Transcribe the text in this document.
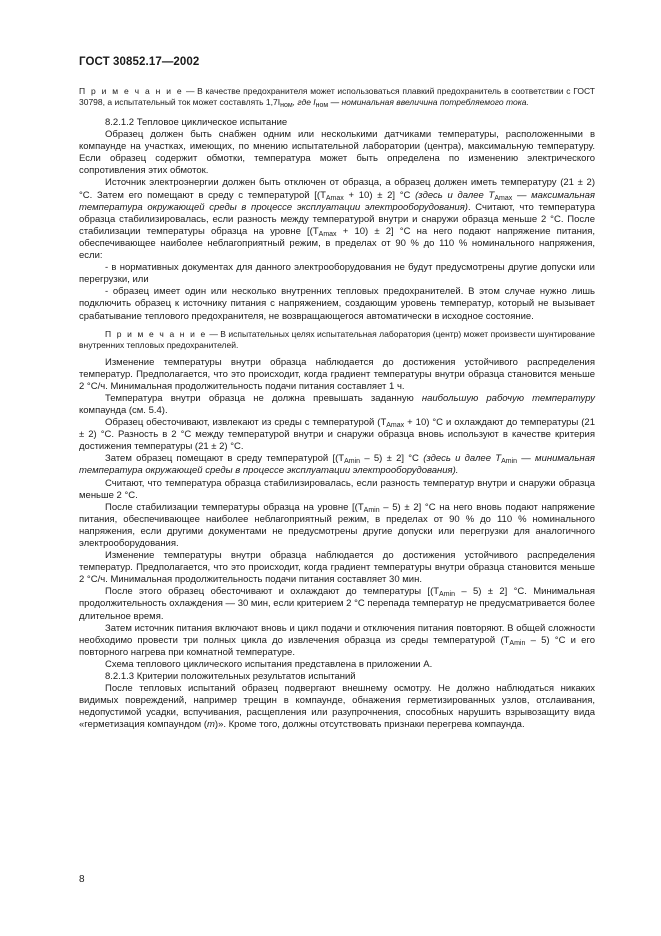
ГОСТ 30852.17—2002

П р и м е ч а н и е — В качестве предохранителя может использоваться плавкий предохранитель в соответствии с ГОСТ 30798, а испытательный ток может составлять $1,7I_{ном}$, где $I_{ном}$ — номинальная ввеличина потребляемого тока.

8.2.1.2 Тепловое циклическое испытание

Образец должен быть снабжен одним или несколькими датчиками температуры, расположенными в компаунде на участках, имеющих, по мнению испытательной лаборатории (центра), максимальную температуру. Если образец содержит обмотки, температура может быть определена по изменению электрического сопротивления этих обмоток.

Источник электроэнергии должен быть отключен от образца, а образец должен иметь температуру (21 ± 2) °С. Затем его помещают в среду с температурой $[(T_{Amax} + 10) \pm 2]$ °С (здесь и далее $T_{Amax}$ — максимальная температура окружающей среды в процессе эксплуатации электрооборудования). Считают, что температура образца стабилизировалась, если разность между температурой внутри и снаружи образца меньше 2 °С. После стабилизации температуры образца на уровне $[(T_{Amax} + 10) \pm 2]$ °С на него подают напряжение питания, обеспечивающее наиболее неблагоприятный режим, в пределах от 90 % до 110 % номинального напряжения, если:

- в нормативных документах для данного электрооборудования не будут предусмотрены другие допуски или перегрузки, или

- образец имеет один или несколько внутренних тепловых предохранителей. В этом случае нужно лишь подключить образец к источнику питания с напряжением, создающим уровень температур, который не вызывает срабатывание теплового предохранителя, не возвращающегося автоматически в исходное состояние.

П р и м е ч а н и е — В испытательных целях испытательная лаборатория (центр) может произвести шунтирование внутренних тепловых предохранителей.

Изменение температуры внутри образца наблюдается до достижения устойчивого распределения температур. Предполагается, что это происходит, когда градиент температуры внутри образца становится меньше 2 °С/ч. Минимальная продолжительность подачи питания составляет 1 ч.

Температура внутри образца не должна превышать заданную наибольшую рабочую температуру компаунда (см. 5.4).

Образец обесточивают, извлекают из среды с температурой $(T_{Amax} + 10)$ °С и охлаждают до температуры (21 ± 2) °С. Разность в 2 °С между температурой внутри и снаружи образца вновь используют в качестве критерия достижения температуры (21 ± 2) °С.

Затем образец помещают в среду температурой $[(T_{Amin} - 5) \pm 2]$ °С (здесь и далее $T_{Amin}$ — минимальная температура окружающей среды в процессе эксплуатации электрооборудования).

Считают, что температура образца стабилизировалась, если разность температур внутри и снаружи образца меньше 2 °С.

После стабилизации температуры образца на уровне $[(T_{Amin} - 5) \pm 2]$ °С на него вновь подают напряжение питания, обеспечивающее наиболее неблагоприятный режим, в пределах от 90 % до 110 % номинального напряжения, если другими документами не предусмотрены другие допуски или перегрузки для аналогичного электрооборудования.

Изменение температуры внутри образца наблюдается до достижения устойчивого распределения температур. Предполагается, что это происходит, когда градиент температуры внутри образца становится меньше 2 °С/ч. Минимальная продолжительность подачи питания составляет 30 мин.

После этого образец обесточивают и охлаждают до температуры $[(T_{Amin} - 5) \pm 2]$ °С. Минимальная продолжительность охлаждения — 30 мин, если критерием 2 °С перепада температур не предусматривается более длительное время.

Затем источник питания включают вновь и цикл подачи и отключения питания повторяют. В общей сложности необходимо провести три полных цикла до извлечения образца из среды температурой $(T_{Amin} - 5)$ °С и его повторного нагрева при комнатной температуре.

Схема теплового циклического испытания представлена в приложении А.

8.2.1.3 Критерии положительных результатов испытаний

После тепловых испытаний образец подвергают внешнему осмотру. Не должно наблюдаться никаких видимых повреждений, например трещин в компаунде, обнажения герметизированных узлов, отслаивания, недопустимой усадки, вспучивания, расщепления или разупрочнения, способных нарушить взрывозащиту вида «герметизация компаундом (m)». Кроме того, должны отсутствовать признаки перегрева компаунда.

8
